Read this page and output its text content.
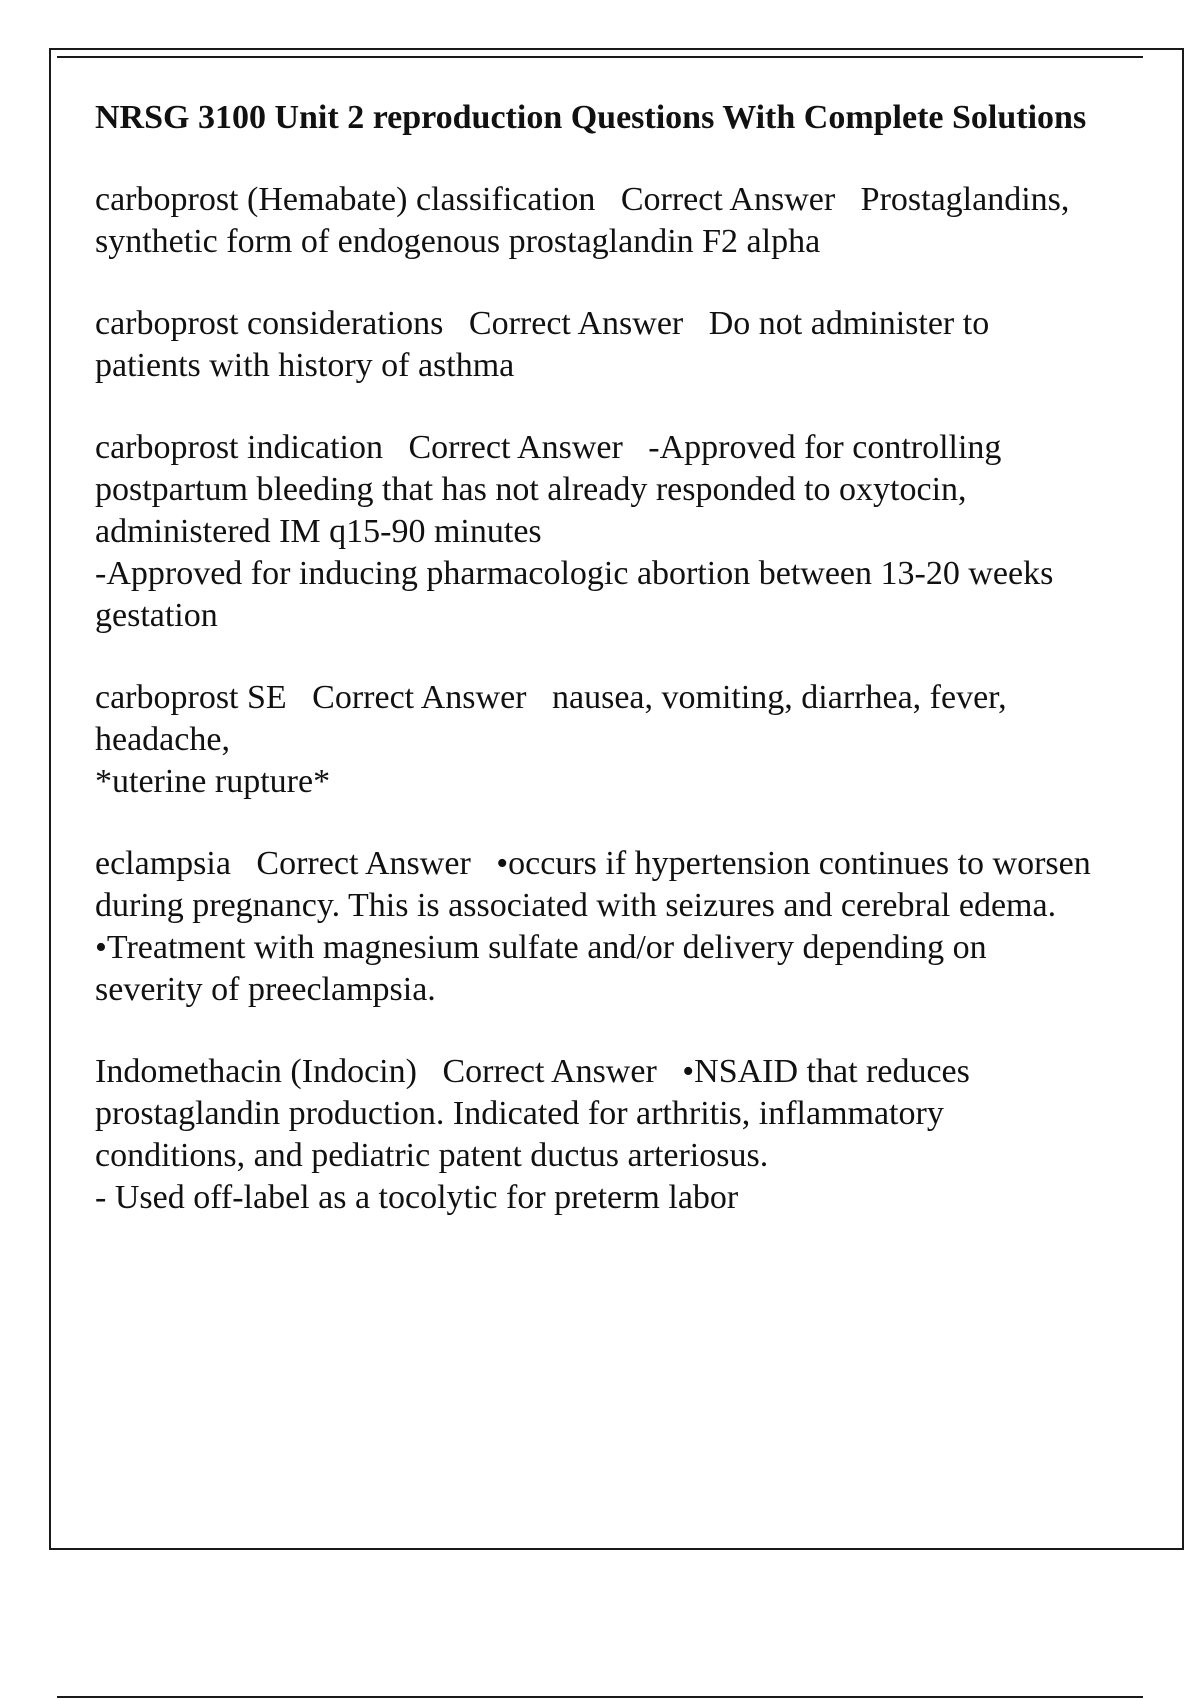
NRSG 3100 Unit 2 reproduction Questions With Complete Solutions
carboprost (Hemabate) classification   Correct Answer   Prostaglandins, synthetic form of endogenous prostaglandin F2 alpha
carboprost considerations   Correct Answer   Do not administer to patients with history of asthma
carboprost indication   Correct Answer   -Approved for controlling postpartum bleeding that has not already responded to oxytocin, administered IM q15-90 minutes
-Approved for inducing pharmacologic abortion between 13-20 weeks gestation
carboprost SE   Correct Answer   nausea, vomiting, diarrhea, fever, headache,
*uterine rupture*
eclampsia   Correct Answer   •occurs if hypertension continues to worsen during pregnancy. This is associated with seizures and cerebral edema.
•Treatment with magnesium sulfate and/or delivery depending on severity of preeclampsia.
Indomethacin (Indocin)   Correct Answer   •NSAID that reduces prostaglandin production. Indicated for arthritis, inflammatory conditions, and pediatric patent ductus arteriosus.
- Used off-label as a tocolytic for preterm labor
